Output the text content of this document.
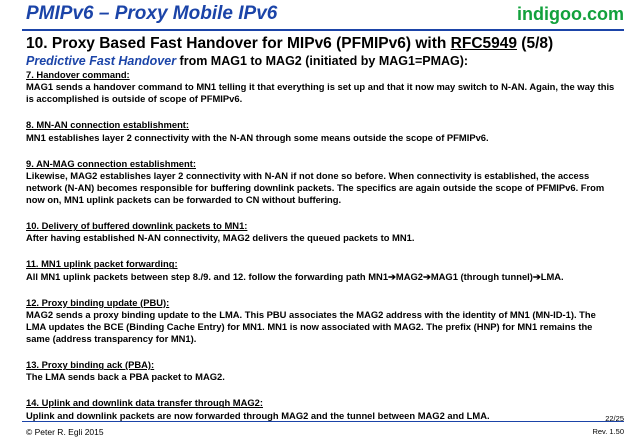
PMIPv6 – Proxy Mobile IPv6	indigoo.com
10. Proxy Based Fast Handover for MIPv6 (PFMIPv6) with RFC5949 (5/8)
Predictive Fast Handover from MAG1 to MAG2 (initiated by MAG1=PMAG):
7. Handover command:
MAG1 sends a handover command to MN1 telling it that everything is set up and that it now may switch to N-AN. Again, the way this is accomplished is outside of scope of PFMIPv6.
8. MN-AN connection establishment:
MN1 establishes layer 2 connectivity with the N-AN through some means outside the scope of PFMIPv6.
9. AN-MAG connection establishment:
Likewise, MAG2 establishes layer 2 connectivity with N-AN if not done so before. When connectivity is established, the access network (N-AN) becomes responsible for buffering downlink packets. The specifics are again outside the scope of PFMIPv6. From now on, MN1 uplink packets can be forwarded to CN without buffering.
10. Delivery of buffered downlink packets to MN1:
After having established N-AN connectivity, MAG2 delivers the queued packets to MN1.
11. MN1 uplink packet forwarding:
All MN1 uplink packets between step 8./9. and 12. follow the forwarding path MN1➔MAG2➔MAG1 (through tunnel)➔LMA.
12. Proxy binding update (PBU):
MAG2 sends a proxy binding update to the LMA. This PBU associates the MAG2 address with the identity of MN1 (MN-ID-1). The LMA updates the BCE (Binding Cache Entry) for MN1. MN1 is now associated with MAG2. The prefix (HNP) for MN1 remains the same (address transparency for MN1).
13. Proxy binding ack (PBA):
The LMA sends back a PBA packet to MAG2.
14. Uplink and downlink data transfer through MAG2:
Uplink and downlink packets are now forwarded through MAG2 and the tunnel between MAG2 and LMA.
© Peter R. Egli 2015
22/25
Rev. 1.50
